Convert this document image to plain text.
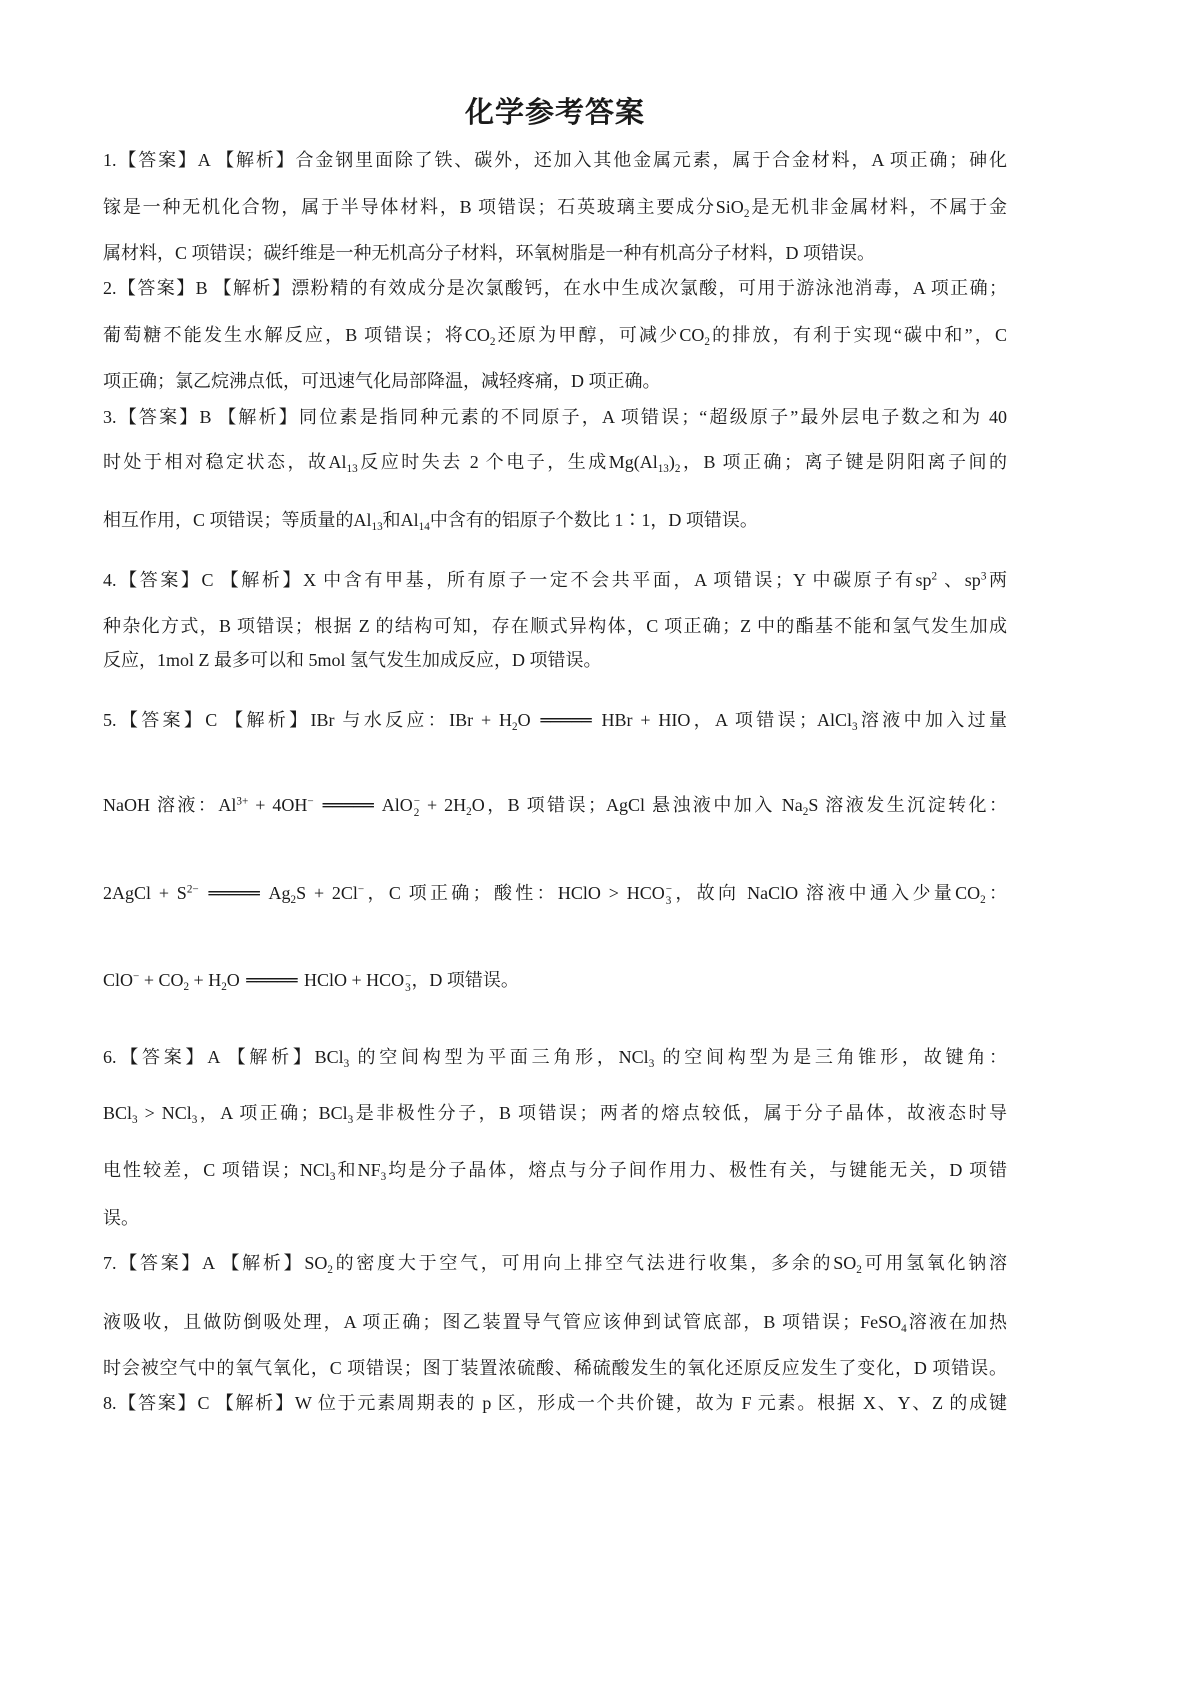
化学参考答案
1.【答案】A 【解析】合金钢里面除了铁、碳外，还加入其他金属元素，属于合金材料，A 项正确；砷化
镓是一种无机化合物，属于半导体材料，B 项错误；石英玻璃主要成分SiO$_2$是无机非金属材料，不属于金
属材料，C 项错误；碳纤维是一种无机高分子材料，环氧树脂是一种有机高分子材料，D 项错误。
2.【答案】B 【解析】漂粉精的有效成分是次氯酸钙，在水中生成次氯酸，可用于游泳池消毒，A 项正确；
葡萄糖不能发生水解反应，B 项错误；将$CO_2$还原为甲醇，可减少$CO_2$的排放，有利于实现“碳中和”，C
项正确；氯乙烷沸点低，可迅速气化局部降温，减轻疼痛，D 项正确。
3.【答案】B 【解析】同位素是指同种元素的不同原子，A 项错误；“超级原子”最外层电子数之和为 40
时处于相对稳定状态，故$Al_{13}$反应时失去 2 个电子，生成$Mg(Al_{13})_2$，B 项正确；离子键是阴阳离子间的
相互作用，C 项错误；等质量的$Al_{13}$和$Al_{14}$中含有的铝原子个数比 1∶1，D 项错误。
4.【答案】C 【解析】X 中含有甲基，所有原子一定不会共平面，A 项错误；Y 中碳原子有$sp^2$ 、$sp^3$两
种杂化方式，B 项错误；根据 Z 的结构可知，存在顺式异构体，C 项正确；Z 中的酯基不能和氢气发生加成
反应，1mol Z 最多可以和 5mol 氢气发生加成反应，D 项错误。
5.【答案】C 【解析】IBr 与水反应：IBr + $H_2O$ ═════ HBr + HIO，A 项错误；AlCl$_3$溶液中加入过量
NaOH 溶液：$Al^{3+} + 4OH^-$ ═════ AlO −
$2 + 2H_2O$，B 项错误；AgCl 悬浊液中加入 $Na_2S$ 溶液发生沉淀转化：
2AgCl + $S^{2-}$ ═════ $Ag_2S + 2Cl^-$，C 项正确；酸性：HClO > HCO −
3 ，故向 NaClO 溶液中通入少量$CO_2$：
$ClO^- + CO_2 + H_2O$ ═════ HClO + HCO −
3 ，D 项错误。
6.【答案】A 【解析】BCl$_3$ 的空间构型为平面三角形，NCl$_3$ 的空间构型为是三角锥形，故键角：
BCl$_3$ > NCl$_3$，A 项正确；BCl$_3$是非极性分子，B 项错误；两者的熔点较低，属于分子晶体，故液态时导
电性较差，C 项错误；NCl$_3$和$NF_3$均是分子晶体，熔点与分子间作用力、极性有关，与键能无关，D 项错
误。
7.【答案】A 【解析】$SO_2$的密度大于空气，可用向上排空气法进行收集，多余的$SO_2$可用氢氧化钠溶
液吸收，且做防倒吸处理，A 项正确；图乙装置导气管应该伸到试管底部，B 项错误；FeSO$_4$溶液在加热
时会被空气中的氧气氧化，C 项错误；图丁装置浓硫酸、稀硫酸发生的氧化还原反应发生了变化，D 项错误。
8.【答案】C 【解析】W 位于元素周期表的 p 区，形成一个共价键，故为 F 元素。根据 X、Y、Z 的成键
